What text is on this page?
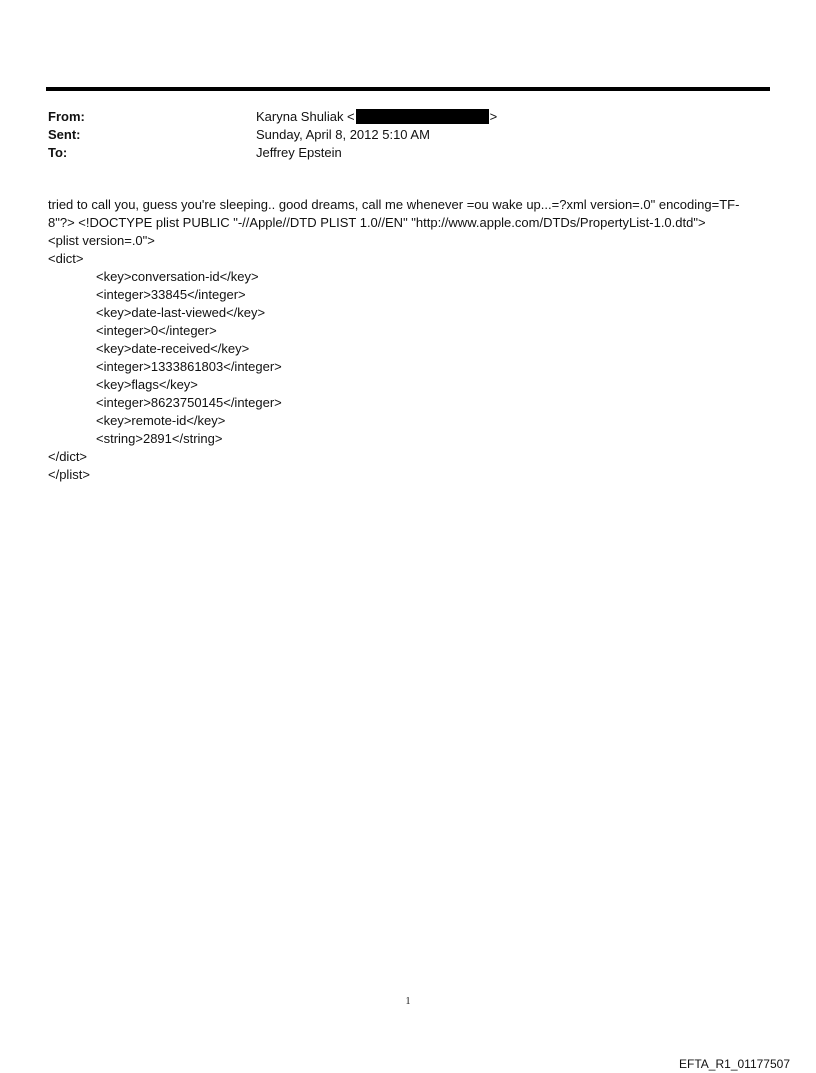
From:	Karyna Shuliak <	>
Sent:	Sunday, April 8, 2012 5:10 AM
To:	Jeffrey Epstein

tried to call you, guess you're sleeping.. good dreams, call me whenever =ou wake up...=?xml version=.0" encoding=TF-

8"?> <!DOCTYPE plist PUBLIC "-//Apple//DTD PLIST 1.0//EN" "http://www.apple.com/DTDs/PropertyList-1.0.dtd">

<plist version=.0">

<dict>

<key>conversation-id</key>

<integer>33845</integer>

<key>date-last-viewed</key>

<integer>0</integer>

<key>date-received</key>

<integer>1333861803</integer>

<key>flags</key>

<integer>8623750145</integer>

<key>remote-id</key>

<string>2891</string>

</dict>

</plist>

1
EFTA_R1_01177507
